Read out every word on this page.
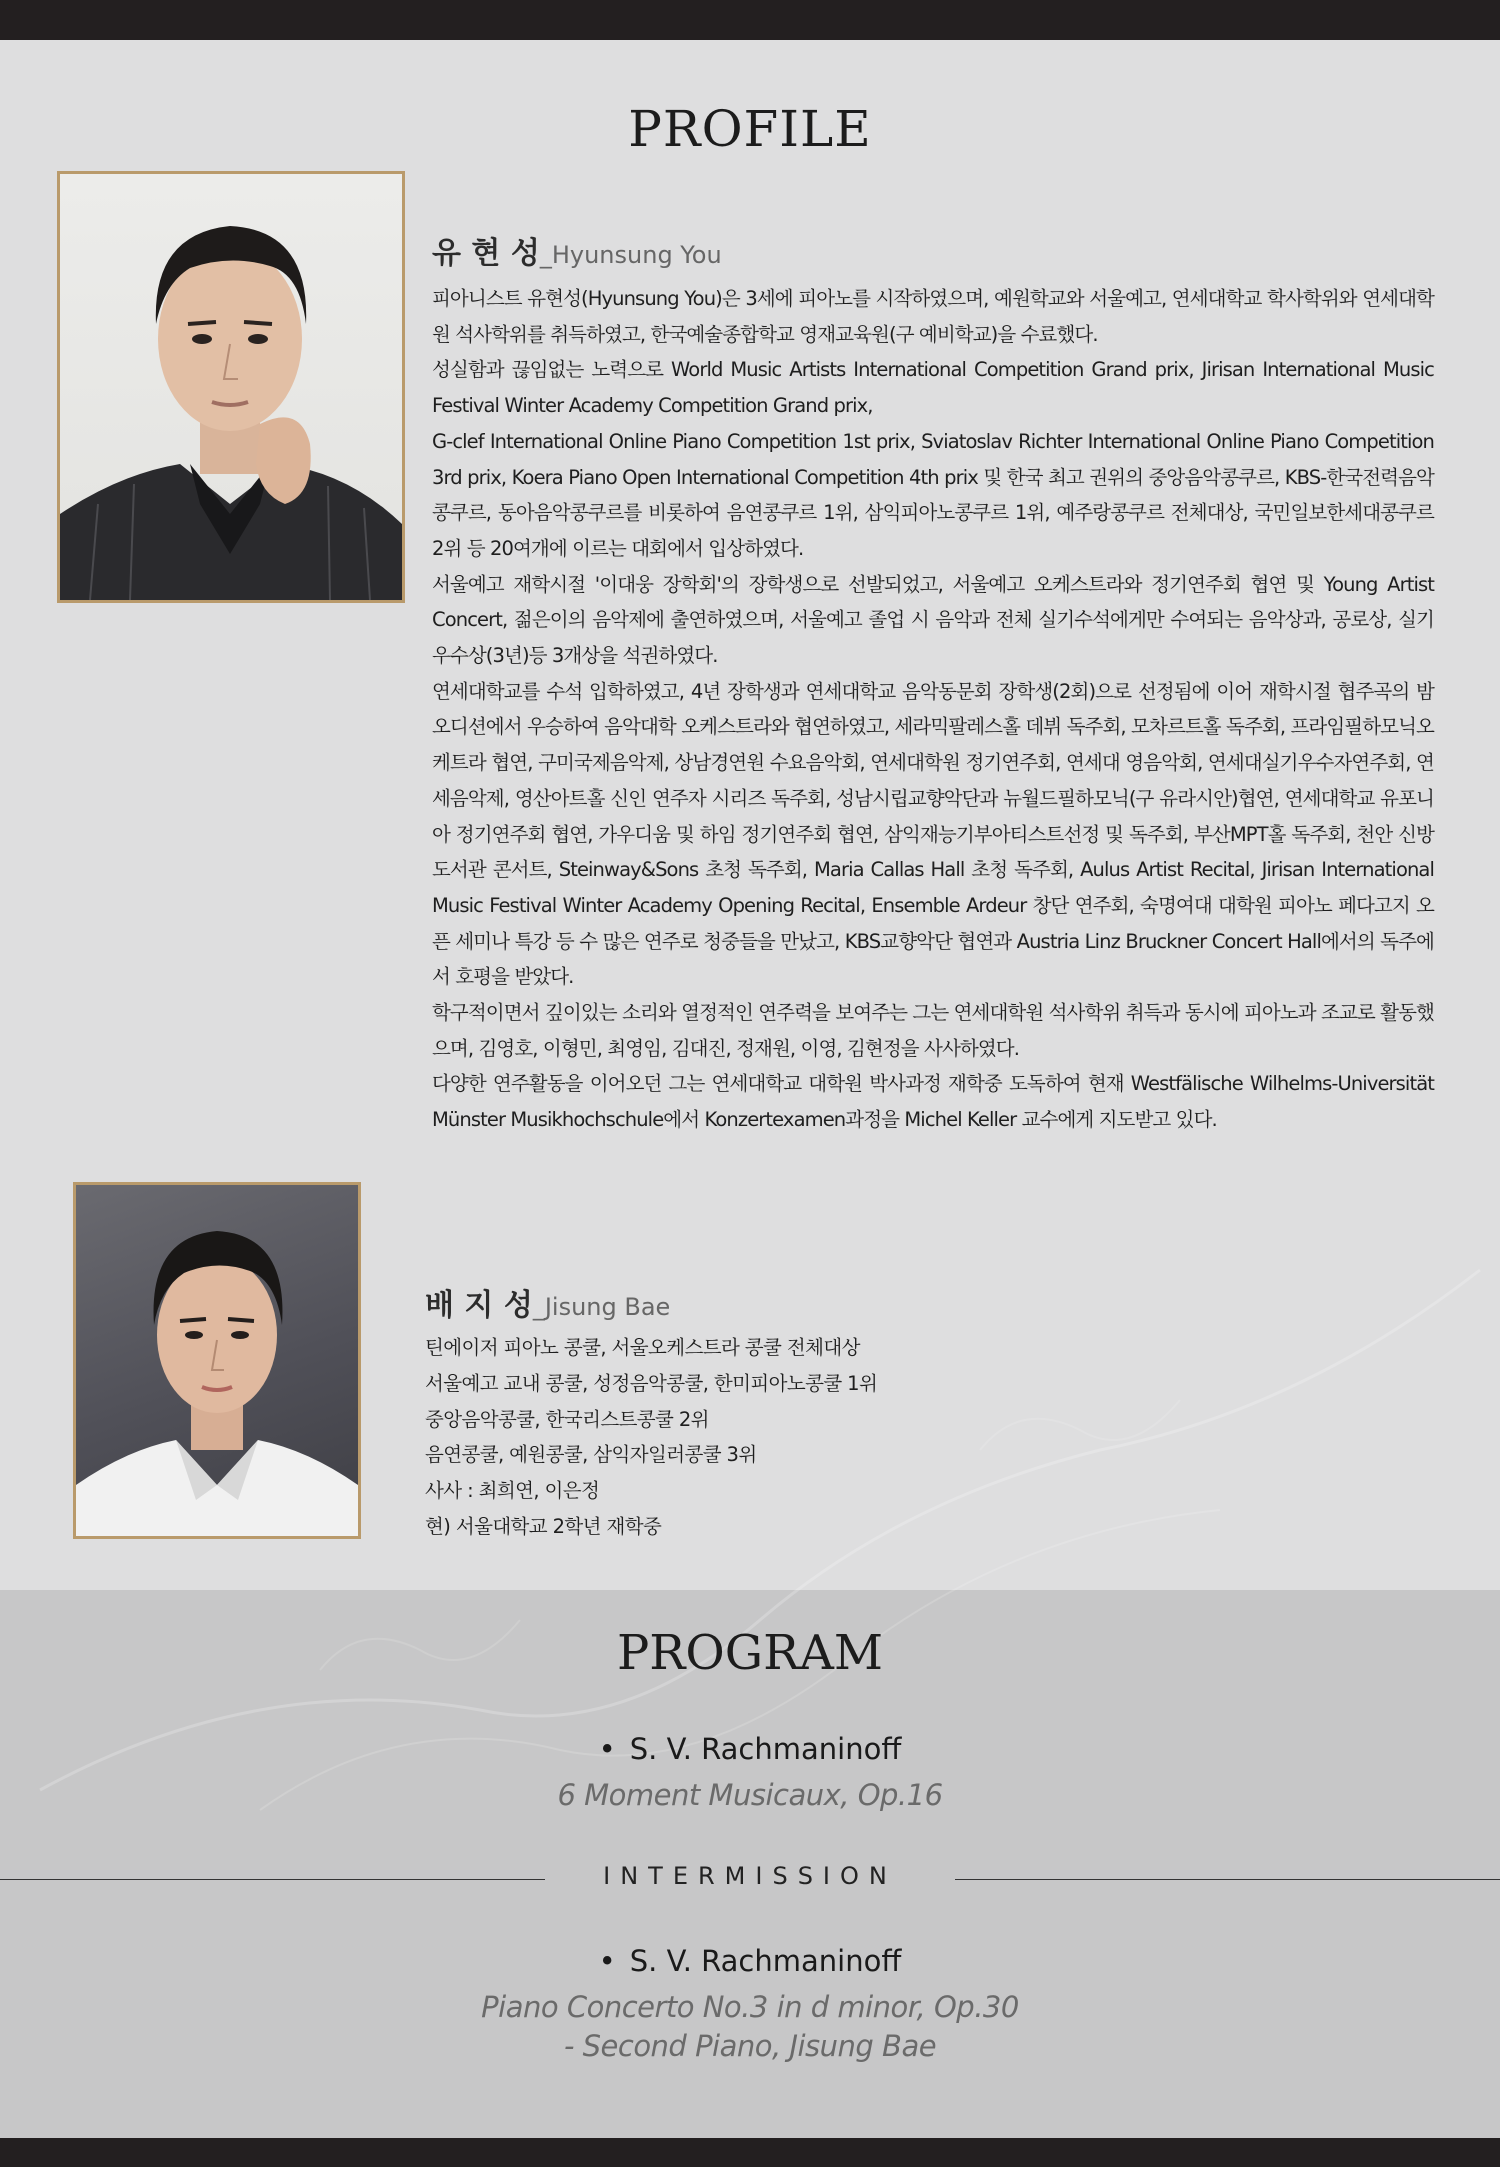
PROFILE
유 현 성_Hyunsung You

피아니스트 유현성(Hyunsung You)은 3세에 피아노를 시작하였으며, 예원학교와 서울예고, 연세대학교 학사학위와 연세대학원 석사학위를 취득하였고, 한국예술종합학교 영재교육원(구 예비학교)을 수료했다.

성실함과 끊임없는 노력으로 World Music Artists International Competition Grand prix, Jirisan International Music Festival Winter Academy Competition Grand prix,

G-clef International Online Piano Competition 1st prix, Sviatoslav Richter International Online Piano Competition 3rd prix, Koera Piano Open International Competition 4th prix 및 한국 최고 권위의 중앙음악콩쿠르, KBS-한국전력음악콩쿠르, 동아음악콩쿠르를 비롯하여 음연콩쿠르 1위, 삼익피아노콩쿠르 1위, 예주랑콩쿠르 전체대상, 국민일보한세대콩쿠르 2위 등 20여개에 이르는 대회에서 입상하였다.

서울예고 재학시절 '이대웅 장학회'의 장학생으로 선발되었고, 서울예고 오케스트라와 정기연주회 협연 및 Young Artist Concert, 젊은이의 음악제에 출연하였으며, 서울예고 졸업 시 음악과 전체 실기수석에게만 수여되는 음악상과, 공로상, 실기우수상(3년)등 3개상을 석권하였다.

연세대학교를 수석 입학하였고, 4년 장학생과 연세대학교 음악동문회 장학생(2회)으로 선정됨에 이어 재학시절 협주곡의 밤 오디션에서 우승하여 음악대학 오케스트라와 협연하였고, 세라믹팔레스홀 데뷔 독주회, 모차르트홀 독주회, 프라임필하모닉오케트라 협연, 구미국제음악제, 상남경연원 수요음악회, 연세대학원 정기연주회, 연세대 영음악회, 연세대실기우수자연주회, 연세음악제, 영산아트홀 신인 연주자 시리즈 독주회, 성남시립교향악단과 뉴월드필하모닉(구 유라시안)협연, 연세대학교 유포니아 정기연주회 협연, 가우디움 및 하임 정기연주회 협연, 삼익재능기부아티스트선정 및 독주회, 부산MPT홀 독주회, 천안 신방도서관 콘서트, Steinway&Sons 초청 독주회, Maria Callas Hall 초청 독주회, Aulus Artist Recital, Jirisan International Music Festival Winter Academy Opening Recital, Ensemble Ardeur 창단 연주회, 숙명여대 대학원 피아노 페다고지 오픈 세미나 특강 등 수 많은 연주로 청중들을 만났고, KBS교향악단 협연과 Austria Linz Bruckner Concert Hall에서의 독주에서 호평을 받았다.

학구적이면서 깊이있는 소리와 열정적인 연주력을 보여주는 그는 연세대학원 석사학위 취득과 동시에 피아노과 조교로 활동했으며, 김영호, 이형민, 최영임, 김대진, 정재원, 이영, 김현정을 사사하였다.

다양한 연주활동을 이어오던 그는 연세대학교 대학원 박사과정 재학중 도독하여 현재 Westfälische Wilhelms-Universität Münster Musikhochschule에서 Konzertexamen과정을 Michel Keller 교수에게 지도받고 있다.

배 지 성_Jisung Bae
틴에이저 피아노 콩쿨, 서울오케스트라 콩쿨 전체대상
서울예고 교내 콩쿨, 성정음악콩쿨, 한미피아노콩쿨 1위
중앙음악콩쿨, 한국리스트콩쿨 2위
음연콩쿨, 예원콩쿨, 삼익자일러콩쿨 3위
사사 : 최희연, 이은정
현) 서울대학교 2학년 재학중
PROGRAM
• S. V. Rachmaninoff
6 Moment Musicaux, Op.16
INTERMISSION
• S. V. Rachmaninoff
Piano Concerto No.3 in d minor, Op.30
- Second Piano, Jisung Bae
